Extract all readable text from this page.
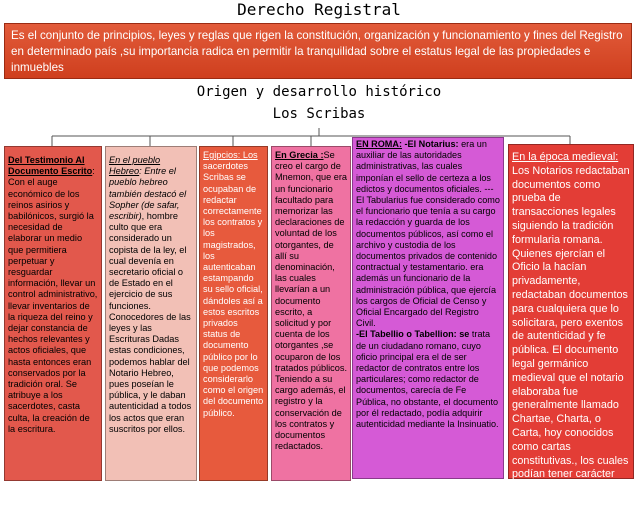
Derecho Registral
Es el conjunto de principios, leyes y reglas que rigen la constitución, organización y funcionamiento y fines del Registro en determinado país ,su importancia radica en permitir la tranquilidad sobre el estatus legal de las propiedades e inmuebles
Origen y desarrollo histórico
Los Scribas

Del Testimonio Al Documento Escrito: Con el auge económico de los reinos asirios y babilónicos, surgió la necesidad de elaborar un medio que permitiera perpetuar y resguardar información, llevar un control administrativo, llevar inventarios de la riqueza del reino y dejar constancia de hechos relevantes y actos oficiales, que hasta entonces eran conservados por la tradición oral. Se atribuye a los sacerdotes, casta culta, la creación de la escritura.

En el pueblo Hebreo: Entre el pueblo hebreo también destacó el Sopher (de safar, escribir), hombre culto que era considerado un copista de la ley, el cual devenía en secretario oficial o de Estado en el ejercicio de sus funciones. Conocedores de las leyes y las Escrituras Dadas estas condiciones, podemos hablar del Notario Hebreo, pues poseían le pública, y le daban autenticidad a todos los actos que eran suscritos por ellos.

Egipcios: Los sacerdotes Scribas se ocupaban de redactar correctamente los contratos y los magistrados, los autenticaban estampando su sello oficial, dándoles así a estos escritos privados status de documento público por lo que podemos considerarlo como el origen del documento público.

En Grecia :Se creo el cargo de Mnemon, que era un funcionario facultado para memorizar las declaraciones de voluntad de los otorgantes, de allí su denominación, las cuales llevarían a un documento escrito, a solicitud y por cuenta de los otorgantes ,se ocuparon de los tratados públicos. Teniendo a su cargo además, el registro y la conservación de los contratos y documentos redactados.

EN ROMA: -El Notarius: era un auxiliar de las autoridades administrativas, las cuales imponían el sello de certeza a los edictos y documentos oficiales. ---El Tabularius fue considerado como el funcionario que tenía a su cargo la redacción y guarda de los documentos públicos, así como el archivo y custodia de los documentos privados de contenido contractual y testamentario. era además un funcionario de la administración pública, que ejercía los cargos de Oficial de Censo y Oficial Encargado del Registro Civil.

-El Tabellio o Tabellion: se trata de un ciudadano romano, cuyo oficio principal era el de ser redactor de contratos entre los particulares; como redactor de documentos, carecía de Fe Pública, no obstante, el documento por él redactado, podía adquirir autenticidad mediante la Insinuatio.

En la época medieval: Los Notarios redactaban documentos como prueba de transacciones legales siguiendo la tradición formularia romana. Quienes ejercían el Oficio la hacían privadamente, redactaban documentos para cualquiera que lo solicitara, pero exentos de autenticidad y fe pública. El documento legal germánico medieval que el notario elaboraba fue generalmente llamado Chartae, Charta, o Carta, hoy conocidos como cartas constitutivas., los cuales podían tener carácter público al cumplir con ciertas formalidades.
